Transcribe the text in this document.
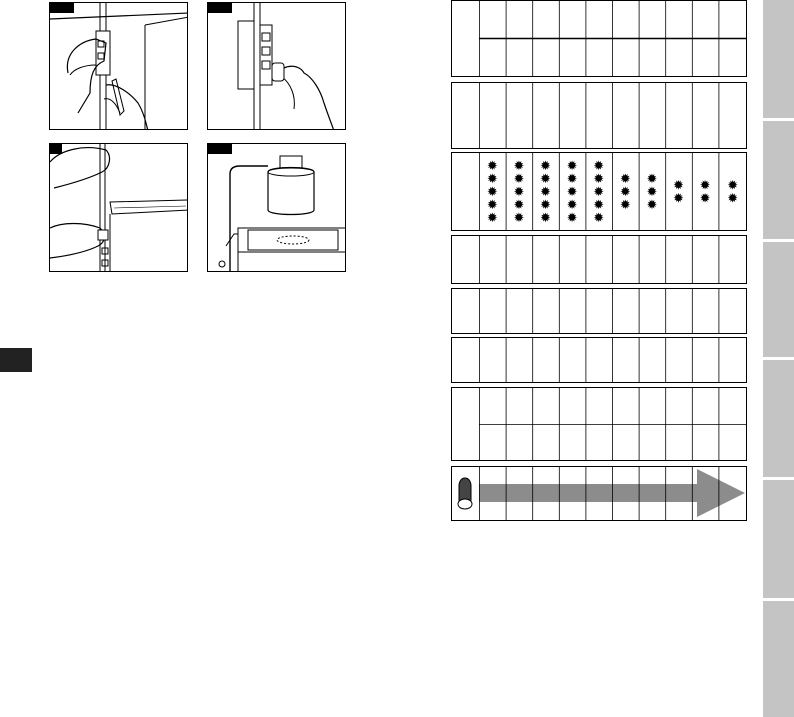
✹
✹
✹
✹
✹
✹
✹
✹
✹
✹
✹
✹
✹
✹
✹
✹
✹
✹
✹
✹
✹
✹
✹
✹
✹
✹
✹
✹
✹
✹
✹
✹
✹
✹
✹
✹
✹
